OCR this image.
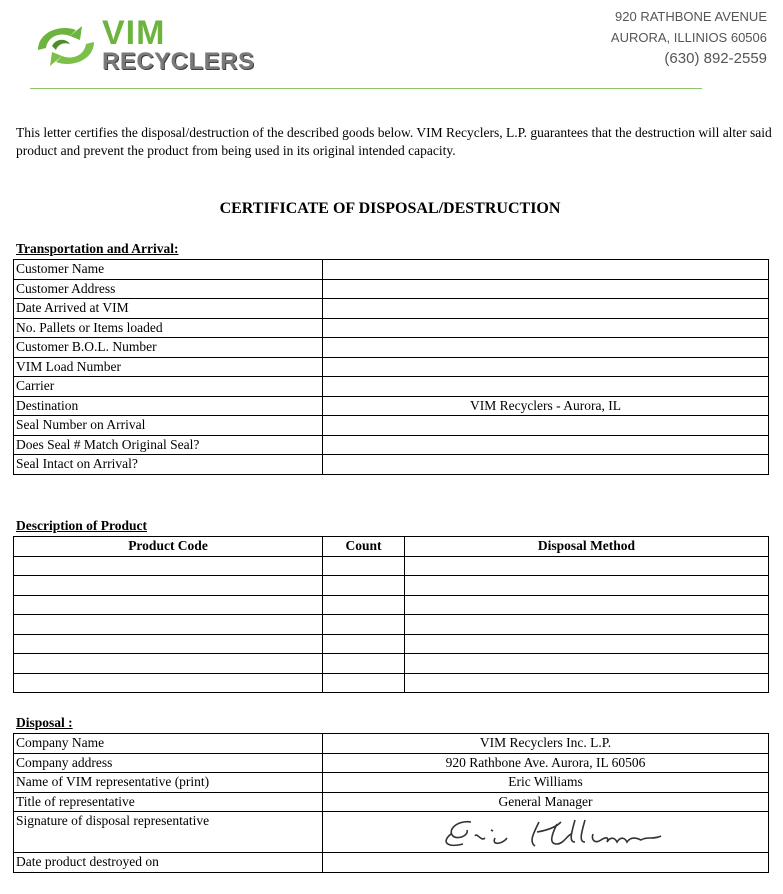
VIM
RECYCLERS
920 RATHBONE AVENUE
AURORA, ILLINIOS 60506
(630) 892-2559
This letter certifies the disposal/destruction of the described goods below. VIM Recyclers, L.P. guarantees that the destruction will alter said product and prevent the product from being used in its original intended capacity.
CERTIFICATE OF DISPOSAL/DESTRUCTION
Transportation and Arrival:
Customer Name	
Customer Address	
Date Arrived at VIM	
No. Pallets or Items loaded	
Customer B.O.L. Number	
VIM Load Number	
Carrier	
Destination	VIM Recyclers - Aurora, IL
Seal Number on Arrival	
Does Seal # Match Original Seal?	
Seal Intact on Arrival?	
Description of Product
Product Code	Count	Disposal Method

Disposal :
Company Name	VIM Recyclers Inc. L.P.
Company address	920 Rathbone Ave. Aurora, IL 60506
Name of VIM representative (print)	Eric Williams
Title of representative	General Manager
Signature of disposal representative	

Date product destroyed on	
